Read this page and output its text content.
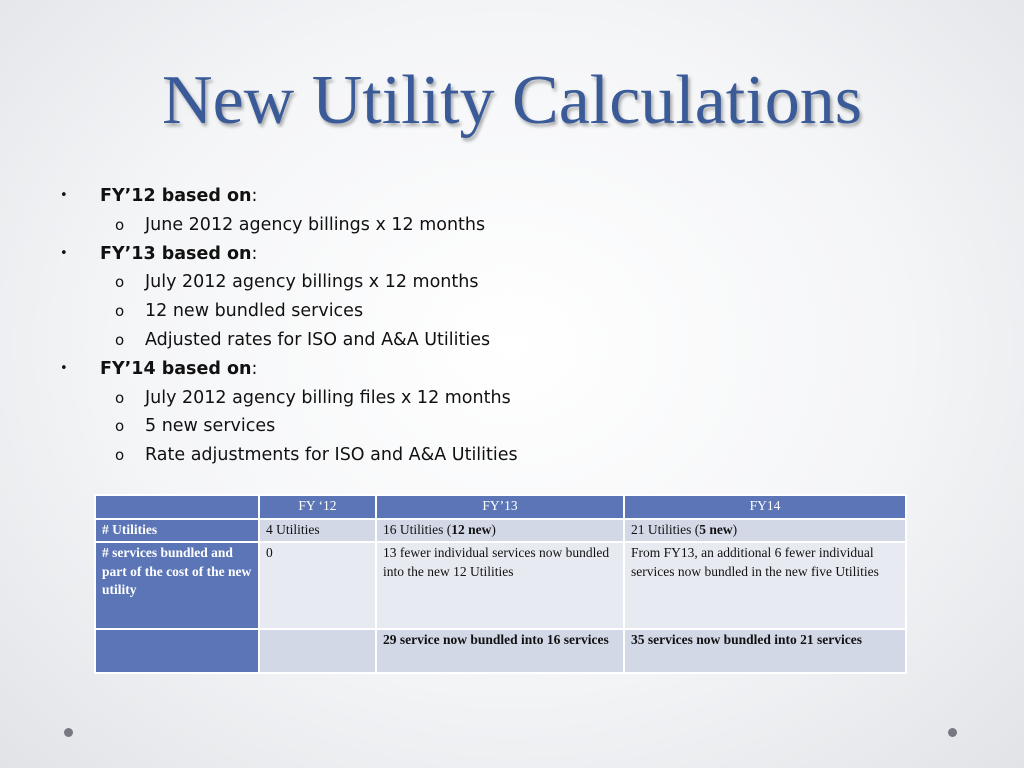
New Utility Calculations
• FY’12 based on:
o June 2012 agency billings x 12 months
• FY’13 based on:
o July 2012 agency billings x 12 months
o 12 new bundled services
o Adjusted rates for ISO and A&A Utilities
• FY’14 based on:
o July 2012 agency billing files x 12 months
o 5 new services
o Rate adjustments for ISO and A&A Utilities
	FY ‘12	FY’13	FY14
# Utilities	4 Utilities	16 Utilities (12 new)	21 Utilities (5 new)
# services bundled and part of the cost of the new utility	0	13 fewer individual services now bundled into the new 12 Utilities	From FY13, an additional 6 fewer individual services now bundled in the new five Utilities
		29 service now bundled into 16 services	35 services now bundled into 21 services
